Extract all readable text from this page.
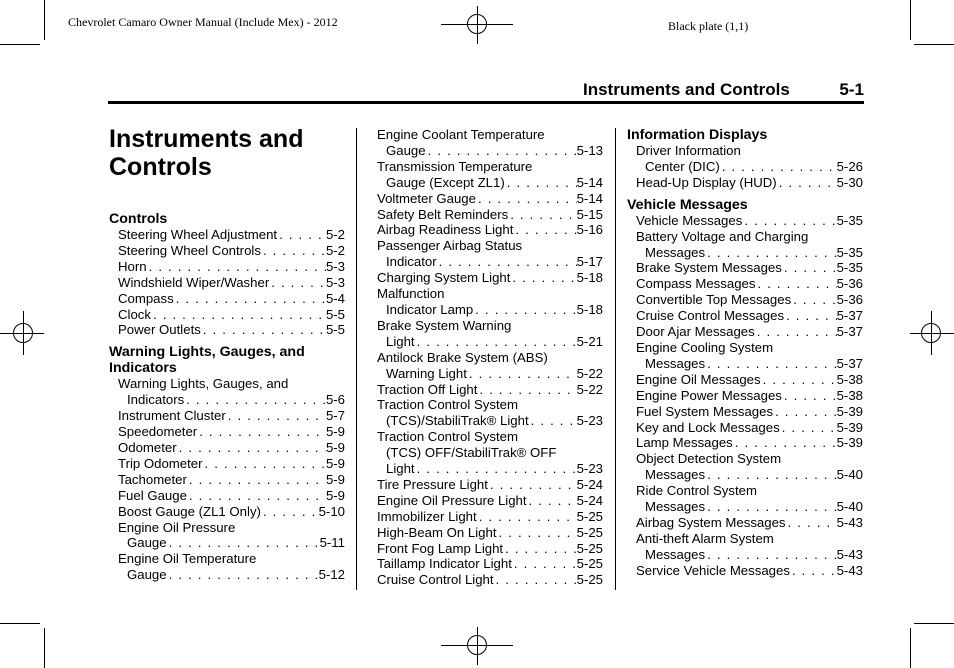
Chevrolet Camaro Owner Manual (Include Mex) - 2012	Black plate (1,1)
Instruments and Controls	5-1
Instruments and
Controls
Controls
Steering Wheel Adjustment . . .	5-2
Steering Wheel Controls . . .	5-2
Horn . . .	5-3
Windshield Wiper/Washer . . .	5-3
Compass . . .	5-4
Clock . . .	5-5
Power Outlets . . .	5-5
Warning Lights, Gauges, and
Indicators
Warning Lights, Gauges, and
Indicators . . .	5-6
Instrument Cluster . . .	5-7
Speedometer . . .	5-9
Odometer . . .	5-9
Trip Odometer . . .	5-9
Tachometer . . .	5-9
Fuel Gauge . . .	5-9
Boost Gauge (ZL1 Only) . . .	5-10
Engine Oil Pressure
Gauge . . .	5-11
Engine Oil Temperature
Gauge . . .	5-12
Engine Coolant Temperature
Gauge . . .	5-13
Transmission Temperature
Gauge (Except ZL1) . . .	5-14
Voltmeter Gauge . . .	5-14
Safety Belt Reminders . . .	5-15
Airbag Readiness Light . . .	5-16
Passenger Airbag Status
Indicator . . .	5-17
Charging System Light . . .	5-18
Malfunction
Indicator Lamp . . .	5-18
Brake System Warning
Light . . .	5-21
Antilock Brake System (ABS)
Warning Light . . .	5-22
Traction Off Light . . .	5-22
Traction Control System
(TCS)/StabiliTrak® Light . . .	5-23
Traction Control System
(TCS) OFF/StabiliTrak® OFF
Light . . .	5-23
Tire Pressure Light . . .	5-24
Engine Oil Pressure Light . . .	5-24
Immobilizer Light . . .	5-25
High-Beam On Light . . .	5-25
Front Fog Lamp Light . . .	5-25
Taillamp Indicator Light . . .	5-25
Cruise Control Light . . .	5-25
Information Displays
Driver Information
Center (DIC) . . .	5-26
Head-Up Display (HUD) . . .	5-30
Vehicle Messages
Vehicle Messages . . .	5-35
Battery Voltage and Charging
Messages . . .	5-35
Brake System Messages . . .	5-35
Compass Messages . . .	5-36
Convertible Top Messages . . .	5-36
Cruise Control Messages . . .	5-37
Door Ajar Messages . . .	5-37
Engine Cooling System
Messages . . .	5-37
Engine Oil Messages . . .	5-38
Engine Power Messages . . .	5-38
Fuel System Messages . . .	5-39
Key and Lock Messages . . .	5-39
Lamp Messages . . .	5-39
Object Detection System
Messages . . .	5-40
Ride Control System
Messages . . .	5-40
Airbag System Messages . . .	5-43
Anti-theft Alarm System
Messages . . .	5-43
Service Vehicle Messages . . .	5-43
